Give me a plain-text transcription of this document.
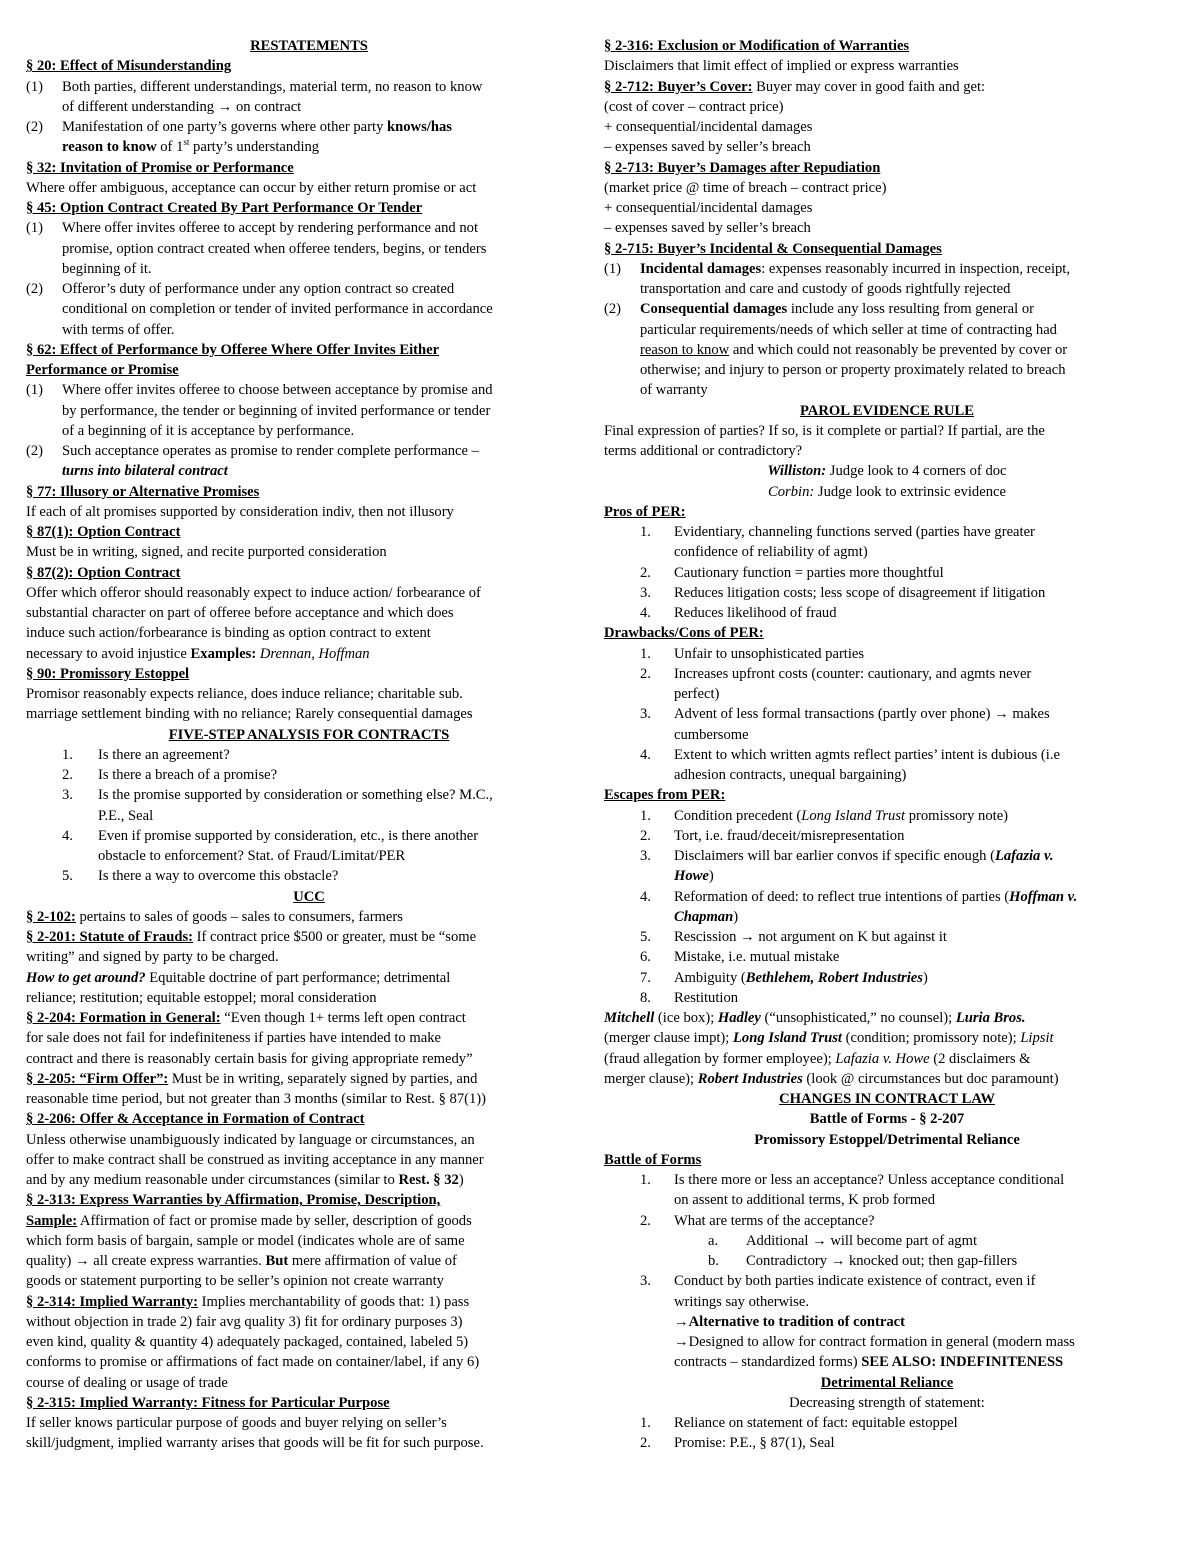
RESTATEMENTS
§ 20: Effect of Misunderstanding
(1) Both parties, different understandings, material term, no reason to know
of different understanding → on contract
(2) Manifestation of one party’s governs where other party knows/has
reason to know of 1st party’s understanding
§ 32: Invitation of Promise or Performance
Where offer ambiguous, acceptance can occur by either return promise or act
§ 45: Option Contract Created By Part Performance Or Tender
(1) Where offer invites offeree to accept by rendering performance and not
promise, option contract created when offeree tenders, begins, or tenders
beginning of it.
(2) Offeror’s duty of performance under any option contract so created
conditional on completion or tender of invited performance in accordance
with terms of offer.
§ 62: Effect of Performance by Offeree Where Offer Invites Either
Performance or Promise
(1) Where offer invites offeree to choose between acceptance by promise and
by performance, the tender or beginning of invited performance or tender
of a beginning of it is acceptance by performance.
(2) Such acceptance operates as promise to render complete performance –
turns into bilateral contract
§ 77: Illusory or Alternative Promises
If each of alt promises supported by consideration indiv, then not illusory
§ 87(1): Option Contract
Must be in writing, signed, and recite purported consideration
§ 87(2): Option Contract
Offer which offeror should reasonably expect to induce action/ forbearance of
substantial character on part of offeree before acceptance and which does
induce such action/forbearance is binding as option contract to extent
necessary to avoid injustice Examples: Drennan, Hoffman
§ 90: Promissory Estoppel
Promisor reasonably expects reliance, does induce reliance; charitable sub.
marriage settlement binding with no reliance; Rarely consequential damages
FIVE-STEP ANALYSIS FOR CONTRACTS
1. Is there an agreement?
2. Is there a breach of a promise?
3. Is the promise supported by consideration or something else? M.C.,
P.E., Seal
4. Even if promise supported by consideration, etc., is there another
obstacle to enforcement? Stat. of Fraud/Limitat/PER
5. Is there a way to overcome this obstacle?
UCC
§ 2-102: pertains to sales of goods – sales to consumers, farmers
§ 2-201: Statute of Frauds: If contract price $500 or greater, must be “some
writing” and signed by party to be charged.
How to get around? Equitable doctrine of part performance; detrimental
reliance; restitution; equitable estoppel; moral consideration
§ 2-204: Formation in General: “Even though 1+ terms left open contract
for sale does not fail for indefiniteness if parties have intended to make
contract and there is reasonably certain basis for giving appropriate remedy”
§ 2-205: “Firm Offer”: Must be in writing, separately signed by parties, and
reasonable time period, but not greater than 3 months (similar to Rest. § 87(1))
§ 2-206: Offer & Acceptance in Formation of Contract
Unless otherwise unambiguously indicated by language or circumstances, an
offer to make contract shall be construed as inviting acceptance in any manner
and by any medium reasonable under circumstances (similar to Rest. § 32)
§ 2-313: Express Warranties by Affirmation, Promise, Description,
Sample: Affirmation of fact or promise made by seller, description of goods
which form basis of bargain, sample or model (indicates whole are of same
quality) → all create express warranties. But mere affirmation of value of
goods or statement purporting to be seller’s opinion not create warranty
§ 2-314: Implied Warranty: Implies merchantability of goods that: 1) pass
without objection in trade 2) fair avg quality 3) fit for ordinary purposes 3)
even kind, quality & quantity 4) adequately packaged, contained, labeled 5)
conforms to promise or affirmations of fact made on container/label, if any 6)
course of dealing or usage of trade
§ 2-315: Implied Warranty: Fitness for Particular Purpose
If seller knows particular purpose of goods and buyer relying on seller’s
skill/judgment, implied warranty arises that goods will be fit for such purpose.
§ 2-316: Exclusion or Modification of Warranties
Disclaimers that limit effect of implied or express warranties
§ 2-712: Buyer’s Cover: Buyer may cover in good faith and get:
(cost of cover – contract price)
+ consequential/incidental damages
– expenses saved by seller’s breach
§ 2-713: Buyer’s Damages after Repudiation
(market price @ time of breach – contract price)
+ consequential/incidental damages
– expenses saved by seller’s breach
§ 2-715: Buyer’s Incidental & Consequential Damages
(1) Incidental damages: expenses reasonably incurred in inspection, receipt,
transportation and care and custody of goods rightfully rejected
(2) Consequential damages include any loss resulting from general or
particular requirements/needs of which seller at time of contracting had
reason to know and which could not reasonably be prevented by cover or
otherwise; and injury to person or property proximately related to breach
of warranty
PAROL EVIDENCE RULE
Final expression of parties? If so, is it complete or partial? If partial, are the
terms additional or contradictory?
Williston: Judge look to 4 corners of doc
Corbin: Judge look to extrinsic evidence
Pros of PER:
1. Evidentiary, channeling functions served (parties have greater
confidence of reliability of agmt)
2. Cautionary function = parties more thoughtful
3. Reduces litigation costs; less scope of disagreement if litigation
4. Reduces likelihood of fraud
Drawbacks/Cons of PER:
1. Unfair to unsophisticated parties
2. Increases upfront costs (counter: cautionary, and agmts never
perfect)
3. Advent of less formal transactions (partly over phone) → makes
cumbersome
4. Extent to which written agmts reflect parties’ intent is dubious (i.e
adhesion contracts, unequal bargaining)
Escapes from PER:
1. Condition precedent (Long Island Trust promissory note)
2. Tort, i.e. fraud/deceit/misrepresentation
3. Disclaimers will bar earlier convos if specific enough (Lafazia v.
Howe)
4. Reformation of deed: to reflect true intentions of parties (Hoffman v.
Chapman)
5. Rescission → not argument on K but against it
6. Mistake, i.e. mutual mistake
7. Ambiguity (Bethlehem, Robert Industries)
8. Restitution
Mitchell (ice box); Hadley (“unsophisticated,” no counsel); Luria Bros.
(merger clause impt); Long Island Trust (condition; promissory note); Lipsit
(fraud allegation by former employee); Lafazia v. Howe (2 disclaimers &
merger clause); Robert Industries (look @ circumstances but doc paramount)
CHANGES IN CONTRACT LAW
Battle of Forms - § 2-207
Promissory Estoppel/Detrimental Reliance
Battle of Forms
1. Is there more or less an acceptance? Unless acceptance conditional
on assent to additional terms, K prob formed
2. What are terms of the acceptance?
a. Additional → will become part of agmt
b. Contradictory → knocked out; then gap-fillers
3. Conduct by both parties indicate existence of contract, even if
writings say otherwise.
→Alternative to tradition of contract
→Designed to allow for contract formation in general (modern mass
contracts – standardized forms) SEE ALSO: INDEFINITENESS
Detrimental Reliance
Decreasing strength of statement:
1. Reliance on statement of fact: equitable estoppel
2. Promise: P.E., § 87(1), Seal
